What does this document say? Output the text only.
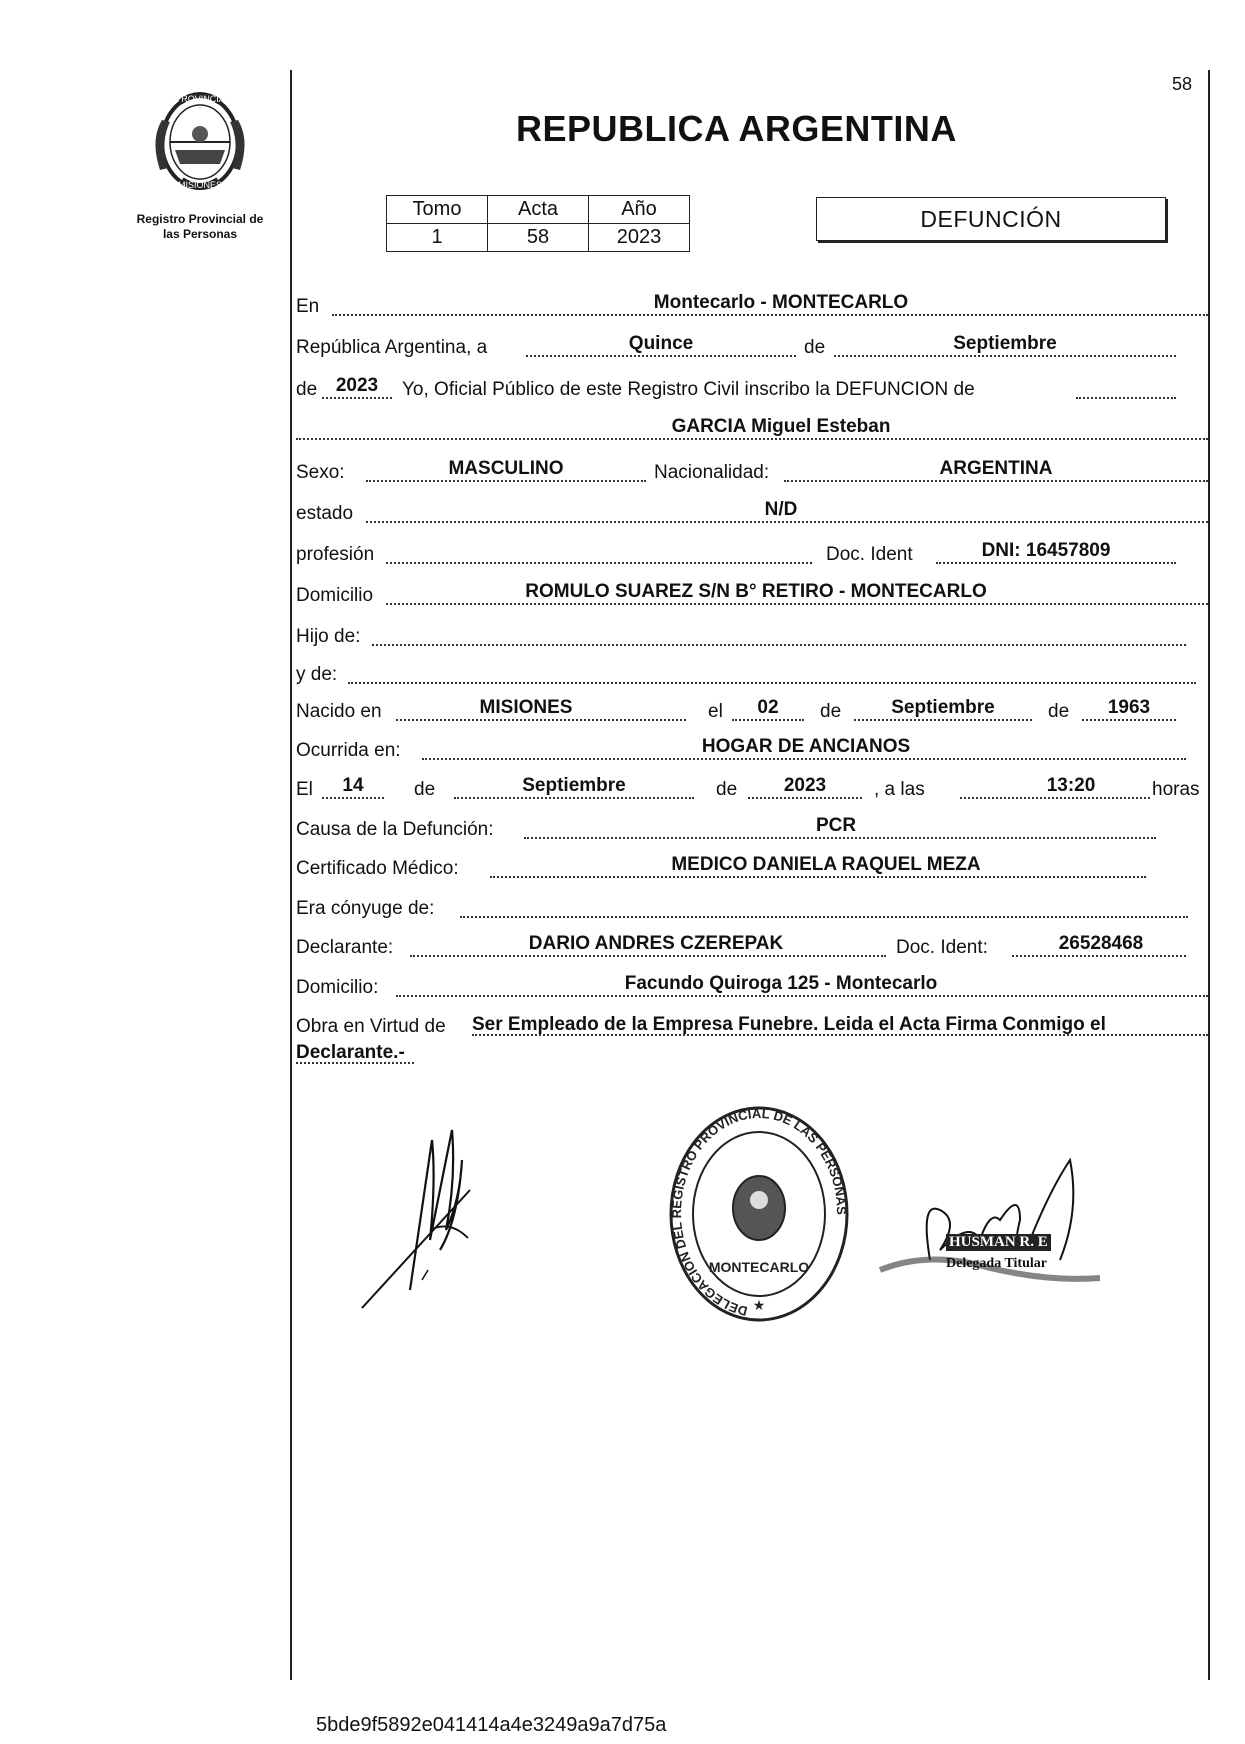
58
PROVINCIA
MISIONES
Registro Provincial de
las Personas
REPUBLICA ARGENTINA
Tomo	Acta	Año
1	58	2023
DEFUNCIÓN
En	Montecarlo - MONTECARLO
República Argentina, a	Quince	de	Septiembre
de 2023	Yo, Oficial Público de este Registro Civil inscribo la DEFUNCION de
GARCIA Miguel Esteban
Sexo:	MASCULINO	Nacionalidad:	ARGENTINA
estado	N/D
profesión	Doc. Ident	DNI: 16457809
Domicilio	ROMULO SUAREZ S/N B° RETIRO - MONTECARLO
Hijo de:
y de:
Nacido en	MISIONES	el	02	de	Septiembre	de	1963
Ocurrida en:	HOGAR DE ANCIANOS
El	14	de	Septiembre	de	2023	, a las	13:20	horas
Causa de la Defunción:	PCR
Certificado Médico:	MEDICO DANIELA RAQUEL MEZA
Era cónyuge de:
Declarante:	DARIO ANDRES CZEREPAK	Doc. Ident:	26528468
Domicilio:	Facundo Quiroga 125 - Montecarlo
Obra en Virtud de Ser Empleado de la Empresa Funebre. Leida el Acta Firma Conmigo el
Declarante.-
DELEGACION DEL REGISTRO PROVINCIAL DE LAS PERSONAS
MONTECARLO
★
HUSMAN R. E
Delegada Titular
5bde9f5892e041414a4e3249a9a7d75a
